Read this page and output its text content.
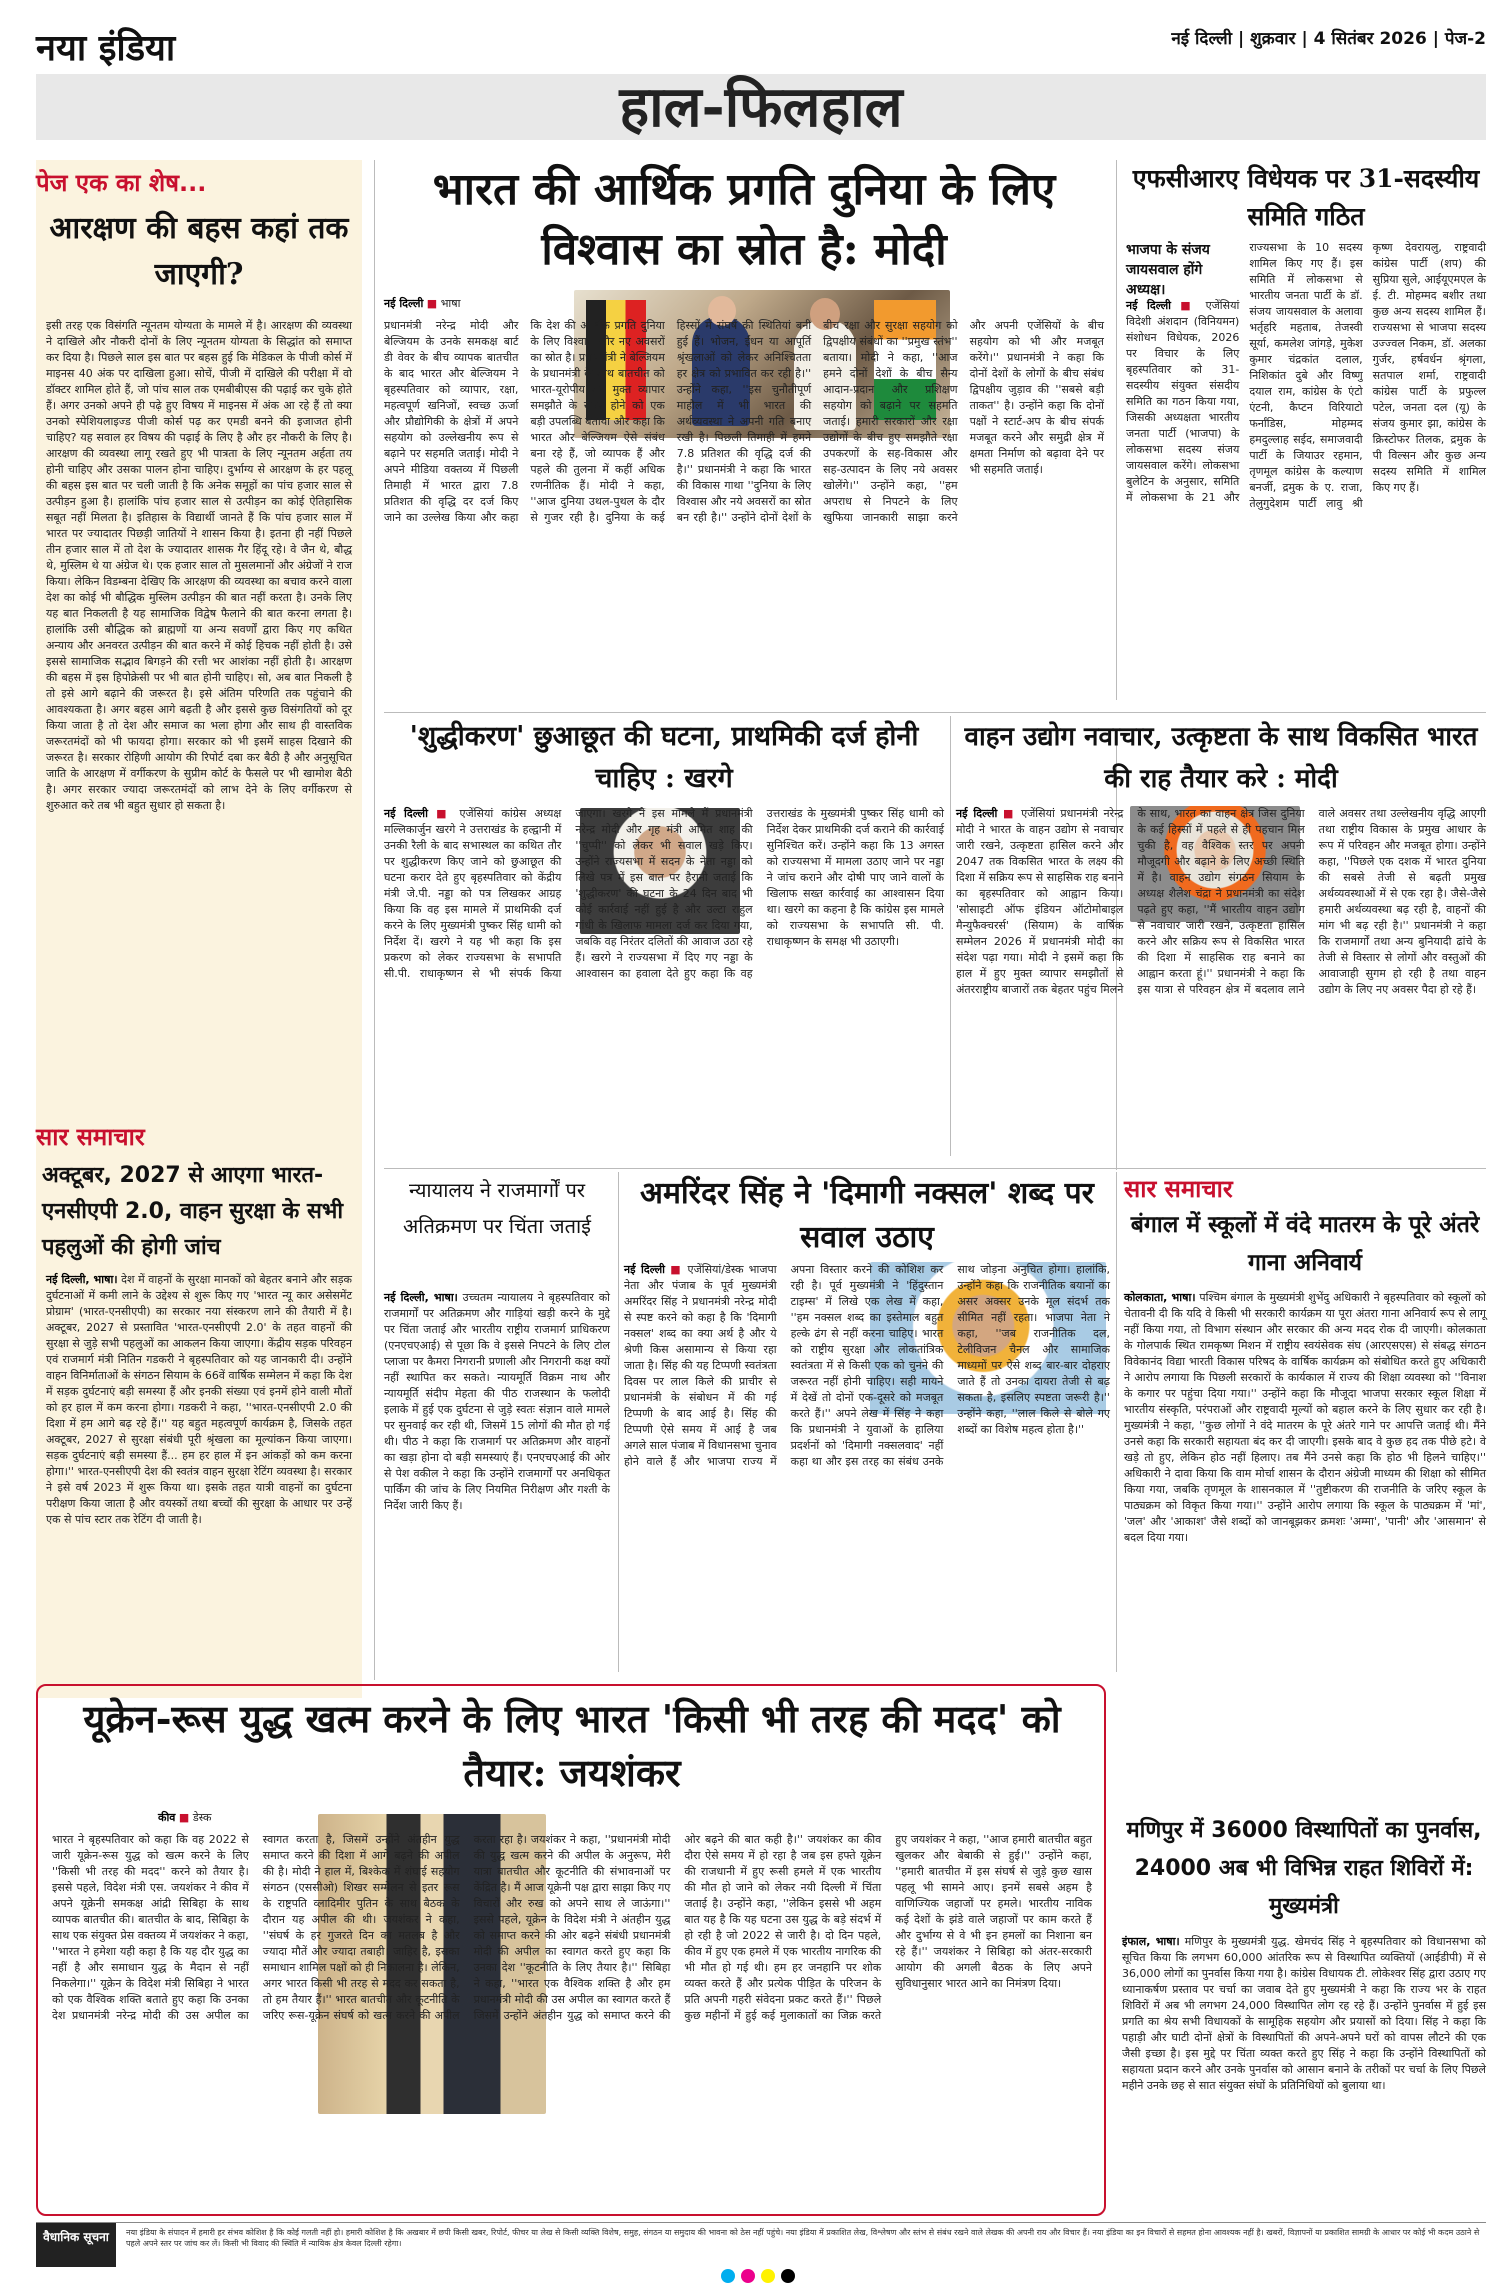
नया इंडिया	नई दिल्ली | शुक्रवार | 4 सितंबर 2026 | पेज-2
हाल-फिलहाल
पेज एक का शेष...
आरक्षण की बहस कहां तक जाएगी?
इसी तरह एक विसंगति न्यूनतम योग्यता के मामले में है। आरक्षण की व्यवस्था ने दाखिले और नौकरी दोनों के लिए न्यूनतम योग्यता के सिद्धांत को समाप्त कर दिया है। पिछले साल इस बात पर बहस हुई कि मेडिकल के पीजी कोर्स में माइनस 40 अंक पर दाखिला हुआ। सोचें, पीजी में दाखिले की परीक्षा में वो डॉक्टर शामिल होते हैं, जो पांच साल तक एमबीबीएस की पढ़ाई कर चुके होते हैं। अगर उनको अपने ही पढ़े हुए विषय में माइनस में अंक आ रहे हैं तो क्या उनको स्पेशियलाइज्ड पीजी कोर्स पढ़ कर एमडी बनने की इजाजत होनी चाहिए? यह सवाल हर विषय की पढ़ाई के लिए है और हर नौकरी के लिए है। आरक्षण की व्यवस्था लागू रखते हुए भी पात्रता के लिए न्यूनतम अर्हता तय होनी चाहिए और उसका पालन होना चाहिए। दुर्भाग्य से आरक्षण के हर पहलू की बहस इस बात पर चली जाती है कि अनेक समूहों का पांच हजार साल से उत्पीड़न हुआ है। हालांकि पांच हजार साल से उत्पीड़न का कोई ऐतिहासिक सबूत नहीं मिलता है। इतिहास के विद्यार्थी जानते हैं कि पांच हजार साल में भारत पर ज्यादातर पिछड़ी जातियों ने शासन किया है। इतना ही नहीं पिछले तीन हजार साल में तो देश के ज्यादातर शासक गैर हिंदू रहे। वे जैन थे, बौद्ध थे, मुस्लिम थे या अंग्रेज थे। एक हजार साल तो मुसलमानों और अंग्रेजों ने राज किया। लेकिन विडम्बना देखिए कि आरक्षण की व्यवस्था का बचाव करने वाला देश का कोई भी बौद्धिक मुस्लिम उत्पीड़न की बात नहीं करता है। उनके लिए यह बात निकलती है यह सामाजिक विद्वेष फैलाने की बात करना लगता है। हालांकि उसी बौद्धिक को ब्राह्मणों या अन्य सवर्णों द्वारा किए गए कथित अन्याय और अनवरत उत्पीड़न की बात करने में कोई हिचक नहीं होती है। उसे इससे सामाजिक सद्भाव बिगड़ने की रत्ती भर आशंका नहीं होती है। आरक्षण की बहस में इस हिपोक्रेसी पर भी बात होनी चाहिए। सो, अब बात निकली है तो इसे आगे बढ़ाने की जरूरत है। इसे अंतिम परिणति तक पहुंचाने की आवश्यकता है। अगर बहस आगे बढ़ती है और इससे कुछ विसंगतियों को दूर किया जाता है तो देश और समाज का भला होगा और साथ ही वास्तविक जरूरतमंदों को भी फायदा होगा। सरकार को भी इसमें साहस दिखाने की जरूरत है। सरकार रोहिणी आयोग की रिपोर्ट दबा कर बैठी है और अनुसूचित जाति के आरक्षण में वर्गीकरण के सुप्रीम कोर्ट के फैसले पर भी खामोश बैठी है। अगर सरकार ज्यादा जरूरतमंदों को लाभ देने के लिए वर्गीकरण से शुरुआत करे तब भी बहुत सुधार हो सकता है।
सार समाचार
अक्टूबर, 2027 से आएगा भारत-एनसीएपी 2.0, वाहन सुरक्षा के सभी पहलुओं की होगी जांच
नई दिल्ली, भाषा। देश में वाहनों के सुरक्षा मानकों को बेहतर बनाने और सड़क दुर्घटनाओं में कमी लाने के उद्देश्य से शुरू किए गए 'भारत न्यू कार असेसमेंट प्रोग्राम' (भारत-एनसीएपी) का सरकार नया संस्करण लाने की तैयारी में है। अक्टूबर, 2027 से प्रस्तावित 'भारत-एनसीएपी 2.0' के तहत वाहनों की सुरक्षा से जुड़े सभी पहलुओं का आकलन किया जाएगा। केंद्रीय सड़क परिवहन एवं राजमार्ग मंत्री नितिन गडकरी ने बृहस्पतिवार को यह जानकारी दी। उन्होंने वाहन विनिर्माताओं के संगठन सियाम के 66वें वार्षिक सम्मेलन में कहा कि देश में सड़क दुर्घटनाएं बड़ी समस्या हैं और इनकी संख्या एवं इनमें होने वाली मौतों को हर हाल में कम करना होगा। गडकरी ने कहा, ''भारत-एनसीएपी 2.0 की दिशा में हम आगे बढ़ रहे हैं।'' यह बहुत महत्वपूर्ण कार्यक्रम है, जिसके तहत अक्टूबर, 2027 से सुरक्षा संबंधी पूरी श्रृंखला का मूल्यांकन किया जाएगा। सड़क दुर्घटनाएं बड़ी समस्या हैं... हम हर हाल में इन आंकड़ों को कम करना होगा।'' भारत-एनसीएपी देश की स्वतंत्र वाहन सुरक्षा रेटिंग व्यवस्था है। सरकार ने इसे वर्ष 2023 में शुरू किया था। इसके तहत यात्री वाहनों का दुर्घटना परीक्षण किया जाता है और वयस्कों तथा बच्चों की सुरक्षा के आधार पर उन्हें एक से पांच स्टार तक रेटिंग दी जाती है।
भारत की आर्थिक प्रगति दुनिया के लिए विश्वास का स्रोत है: मोदी
नई दिल्ली ■ भाषा
प्रधानमंत्री नरेन्द्र मोदी और बेल्जियम के उनके समकक्ष बार्ट डी वेवर के बीच व्यापक बातचीत के बाद भारत और बेल्जियम ने बृहस्पतिवार को व्यापार, रक्षा, महत्वपूर्ण खनिजों, स्वच्छ ऊर्जा और प्रौद्योगिकी के क्षेत्रों में अपने सहयोग को उल्लेखनीय रूप से बढ़ाने पर सहमति जताई। मोदी ने अपने मीडिया वक्तव्य में पिछली तिमाही में भारत द्वारा 7.8 प्रतिशत की वृद्धि दर दर्ज किए जाने का उल्लेख किया और कहा कि देश की आर्थिक प्रगति दुनिया के लिए विश्वास और नए अवसरों का स्रोत है। प्रधानमंत्री ने बेल्जियम के प्रधानमंत्री के साथ बातचीत को भारत-यूरोपीय संघ मुक्त व्यापार समझौते के संपन्न होने को एक बड़ी उपलब्धि बताया और कहा कि भारत और बेल्जियम ऐसे संबंध बना रहे हैं, जो व्यापक हैं और पहले की तुलना में कहीं अधिक रणनीतिक हैं। मोदी ने कहा, ''आज दुनिया उथल-पुथल के दौर से गुजर रही है। दुनिया के कई हिस्सों में संघर्ष की स्थितियां बनी हुई हैं। भोजन, ईंधन या आपूर्ति श्रृंखलाओं को लेकर अनिश्चितता हर क्षेत्र को प्रभावित कर रही है।'' उन्होंने कहा, ''इस चुनौतीपूर्ण माहौल में भी भारत की अर्थव्यवस्था ने अपनी गति बनाए रखी है। पिछली तिमाही में हमने 7.8 प्रतिशत की वृद्धि दर्ज की है।'' प्रधानमंत्री ने कहा कि भारत की विकास गाथा ''दुनिया के लिए विश्वास और नये अवसरों का स्रोत बन रही है।'' उन्होंने दोनों देशों के बीच रक्षा और सुरक्षा सहयोग को द्विपक्षीय संबंधों का ''प्रमुख स्तंभ'' बताया। मोदी ने कहा, ''आज हमने दोनों देशों के बीच सैन्य आदान-प्रदान और प्रशिक्षण सहयोग को बढ़ाने पर सहमति जताई। हमारी सरकारों और रक्षा उद्योगों के बीच हुए समझौते रक्षा उपकरणों के सह-विकास और सह-उत्पादन के लिए नये अवसर खोलेंगे।'' उन्होंने कहा, ''हम अपराध से निपटने के लिए खुफिया जानकारी साझा करने और अपनी एजेंसियों के बीच सहयोग को भी और मजबूत करेंगे।'' प्रधानमंत्री ने कहा कि दोनों देशों के लोगों के बीच संबंध द्विपक्षीय जुड़ाव की ''सबसे बड़ी ताकत'' है। उन्होंने कहा कि दोनों पक्षों ने स्टार्ट-अप के बीच संपर्क मजबूत करने और समुद्री क्षेत्र में क्षमता निर्माण को बढ़ावा देने पर भी सहमति जताई।
एफसीआरए विधेयक पर 31-सदस्यीय समिति गठित
भाजपा के संजय जायसवाल होंगे अध्यक्ष।
नई दिल्ली ■ एजेंसियां विदेशी अंशदान (विनियमन) संशोधन विधेयक, 2026 पर विचार के लिए बृहस्पतिवार को 31-सदस्यीय संयुक्त संसदीय समिति का गठन किया गया, जिसकी अध्यक्षता भारतीय जनता पार्टी (भाजपा) के लोकसभा सदस्य संजय जायसवाल करेंगे। लोकसभा बुलेटिन के अनुसार, समिति में लोकसभा के 21 और राज्यसभा के 10 सदस्य शामिल किए गए हैं। इस समिति में लोकसभा से भारतीय जनता पार्टी के डॉ. संजय जायसवाल के अलावा भर्तृहरि महताब, तेजस्वी सूर्या, कमलेश जांगड़े, मुकेश कुमार चंद्रकांत दलाल, निशिकांत दुबे और विष्णु दयाल राम, कांग्रेस के एंटो एंटनी, कैप्टन विरियाटो फर्नांडिस, मोहम्मद हमदुल्लाह सईद, समाजवादी पार्टी के जियाउर रहमान, तृणमूल कांग्रेस के कल्याण बनर्जी, द्रमुक के ए. राजा, तेलुगुदेशम पार्टी लावु श्री कृष्ण देवरायलु, राष्ट्रवादी कांग्रेस पार्टी (शप) की सुप्रिया सुले, आईयूएमएल के ई. टी. मोहम्मद बशीर तथा कुछ अन्य सदस्य शामिल हैं। राज्यसभा से भाजपा सदस्य उज्ज्वल निकम, डॉ. अलका गुर्जर, हर्षवर्धन श्रृंगला, सतपाल शर्मा, राष्ट्रवादी कांग्रेस पार्टी के प्रफुल्ल पटेल, जनता दल (यू) के संजय कुमार झा, कांग्रेस के क्रिस्टोफर तिलक, द्रमुक के पी विल्सन और कुछ अन्य सदस्य समिति में शामिल किए गए हैं।
'शुद्धीकरण' छुआछूत की घटना, प्राथमिकी दर्ज होनी चाहिए : खरगे
नई दिल्ली ■ एजेंसियां कांग्रेस अध्यक्ष मल्लिकार्जुन खरगे ने उत्तराखंड के हल्द्वानी में उनकी रैली के बाद सभास्थल का कथित तौर पर शुद्धीकरण किए जाने को छुआछूत की घटना करार देते हुए बृहस्पतिवार को केंद्रीय मंत्री जे.पी. नड्डा को पत्र लिखकर आग्रह किया कि वह इस मामले में प्राथमिकी दर्ज करने के लिए मुख्यमंत्री पुष्कर सिंह धामी को निर्देश दें। खरगे ने यह भी कहा कि इस प्रकरण को लेकर राज्यसभा के सभापति सी.पी. राधाकृष्णन से भी संपर्क किया जाएगा। खरगे ने इस मामले में प्रधानमंत्री नरेन्द्र मोदी और गृह मंत्री अमित शाह की ''चुप्पी'' को लेकर भी सवाल खड़े किए। उन्होंने राज्यसभा में सदन के नेता नड्डा को लिखे पत्र में इस बात पर हैरानी जताई कि 'शुद्धीकरण' की घटना के 24 दिन बाद भी कोई कार्रवाई नहीं हुई है और उल्टा राहुल गांधी के खिलाफ मामला दर्ज कर दिया गया, जबकि वह निरंतर दलितों की आवाज उठा रहे हैं। खरगे ने राज्यसभा में दिए गए नड्डा के आश्वासन का हवाला देते हुए कहा कि वह उत्तराखंड के मुख्यमंत्री पुष्कर सिंह धामी को निर्देश देकर प्राथमिकी दर्ज कराने की कार्रवाई सुनिश्चित करें। उन्होंने कहा कि 13 अगस्त को राज्यसभा में मामला उठाए जाने पर नड्डा ने जांच कराने और दोषी पाए जाने वालों के खिलाफ सख्त कार्रवाई का आश्वासन दिया था। खरगे का कहना है कि कांग्रेस इस मामले को राज्यसभा के सभापति सी. पी. राधाकृष्णन के समक्ष भी उठाएगी।
वाहन उद्योग नवाचार, उत्कृष्टता के साथ विकसित भारत की राह तैयार करे : मोदी
नई दिल्ली ■ एजेंसियां प्रधानमंत्री नरेन्द्र मोदी ने भारत के वाहन उद्योग से नवाचार जारी रखने, उत्कृष्टता हासिल करने और 2047 तक विकसित भारत के लक्ष्य की दिशा में सक्रिय रूप से साहसिक राह बनाने का बृहस्पतिवार को आह्वान किया। 'सोसाइटी ऑफ इंडियन ऑटोमोबाइल मैन्युफैक्चरर्स' (सियाम) के वार्षिक सम्मेलन 2026 में प्रधानमंत्री मोदी का संदेश पढ़ा गया। मोदी ने इसमें कहा कि हाल में हुए मुक्त व्यापार समझौतों से अंतरराष्ट्रीय बाजारों तक बेहतर पहुंच मिलने के साथ, भारत का वाहन क्षेत्र जिस दुनिया के कई हिस्सों में पहले से ही पहचान मिल चुकी है, वह वैश्विक स्तर पर अपनी मौजूदगी और बढ़ाने के लिए अच्छी स्थिति में है। वाहन उद्योग संगठन सियाम के अध्यक्ष शैलेश चंद्रा ने प्रधानमंत्री का संदेश पढ़ते हुए कहा, ''मैं भारतीय वाहन उद्योग से नवाचार जारी रखने, उत्कृष्टता हासिल करने और सक्रिय रूप से विकसित भारत की दिशा में साहसिक राह बनाने का आह्वान करता हूं।'' प्रधानमंत्री ने कहा कि इस यात्रा से परिवहन क्षेत्र में बदलाव लाने वाले अवसर तथा उल्लेखनीय वृद्धि आएगी तथा राष्ट्रीय विकास के प्रमुख आधार के रूप में परिवहन और मजबूत होगा। उन्होंने कहा, ''पिछले एक दशक में भारत दुनिया की सबसे तेजी से बढ़ती प्रमुख अर्थव्यवस्थाओं में से एक रहा है। जैसे-जैसे हमारी अर्थव्यवस्था बढ़ रही है, वाहनों की मांग भी बढ़ रही है।'' प्रधानमंत्री ने कहा कि राजमार्गों तथा अन्य बुनियादी ढांचे के तेजी से विस्तार से लोगों और वस्तुओं की आवाजाही सुगम हो रही है तथा वाहन उद्योग के लिए नए अवसर पैदा हो रहे हैं।
न्यायालय ने राजमार्गों पर अतिक्रमण पर चिंता जताई
नई दिल्ली, भाषा। उच्चतम न्यायालय ने बृहस्पतिवार को राजमार्गों पर अतिक्रमण और गाड़ियां खड़ी करने के मुद्दे पर चिंता जताई और भारतीय राष्ट्रीय राजमार्ग प्राधिकरण (एनएचएआई) से पूछा कि वे इससे निपटने के लिए टोल प्लाजा पर कैमरा निगरानी प्रणाली और निगरानी कक्ष क्यों नहीं स्थापित कर सकते। न्यायमूर्ति विक्रम नाथ और न्यायमूर्ति संदीप मेहता की पीठ राजस्थान के फलोदी इलाके में हुई एक दुर्घटना से जुड़े स्वतः संज्ञान वाले मामले पर सुनवाई कर रही थी, जिसमें 15 लोगों की मौत हो गई थी। पीठ ने कहा कि राजमार्ग पर अतिक्रमण और वाहनों का खड़ा होना दो बड़ी समस्याएं हैं। एनएचएआई की ओर से पेश वकील ने कहा कि उन्होंने राजमार्गों पर अनधिकृत पार्किंग की जांच के लिए नियमित निरीक्षण और गश्ती के निर्देश जारी किए हैं।
अमरिंदर सिंह ने 'दिमागी नक्सल' शब्द पर सवाल उठाए
नई दिल्ली ■ एजेंसियां/डेस्क भाजपा नेता और पंजाब के पूर्व मुख्यमंत्री अमरिंदर सिंह ने प्रधानमंत्री नरेन्द्र मोदी से स्पष्ट करने को कहा है कि 'दिमागी नक्सल' शब्द का क्या अर्थ है और ये श्रेणी किस असामान्य से किया रहा जाता है। सिंह की यह टिप्पणी स्वतंत्रता दिवस पर लाल किले की प्राचीर से प्रधानमंत्री के संबोधन में की गई टिप्पणी के बाद आई है। सिंह की टिप्पणी ऐसे समय में आई है जब अगले साल पंजाब में विधानसभा चुनाव होने वाले हैं और भाजपा राज्य में अपना विस्तार करने की कोशिश कर रही है। पूर्व मुख्यमंत्री ने 'हिंदुस्तान टाइम्स' में लिखे एक लेख में कहा, ''हम नक्सल शब्द का इस्तेमाल बहुत हल्के ढंग से नहीं करना चाहिए। भारत को राष्ट्रीय सुरक्षा और लोकतांत्रिक स्वतंत्रता में से किसी एक को चुनने की जरूरत नहीं होनी चाहिए। सही मायने में देखें तो दोनों एक-दूसरे को मजबूत करते हैं।'' अपने लेख में सिंह ने कहा कि प्रधानमंत्री ने युवाओं के हालिया प्रदर्शनों को 'दिमागी नक्सलवाद' नहीं कहा था और इस तरह का संबंध उनके साथ जोड़ना अनुचित होगा। हालांकि, उन्होंने कहा कि राजनीतिक बयानों का असर अक्सर उनके मूल संदर्भ तक सीमित नहीं रहता। भाजपा नेता ने कहा, ''जब राजनीतिक दल, टेलीविजन चैनल और सामाजिक माध्यमों पर ऐसे शब्द बार-बार दोहराए जाते हैं तो उनका दायरा तेजी से बढ़ सकता है, इसलिए स्पष्टता जरूरी है।'' उन्होंने कहा, ''लाल किले से बोले गए शब्दों का विशेष महत्व होता है।''
सार समाचार
बंगाल में स्कूलों में वंदे मातरम के पूरे अंतरे गाना अनिवार्य
कोलकाता, भाषा। पश्चिम बंगाल के मुख्यमंत्री शुभेंदु अधिकारी ने बृहस्पतिवार को स्कूलों को चेतावनी दी कि यदि वे किसी भी सरकारी कार्यक्रम या पूरा अंतरा गाना अनिवार्य रूप से लागू नहीं किया गया, तो विभाग संस्थान और सरकार की अन्य मदद रोक दी जाएगी। कोलकाता के गोलपार्क स्थित रामकृष्ण मिशन में राष्ट्रीय स्वयंसेवक संघ (आरएसएस) से संबद्ध संगठन विवेकानंद विद्या भारती विकास परिषद के वार्षिक कार्यक्रम को संबोधित करते हुए अधिकारी ने आरोप लगाया कि पिछली सरकारों के कार्यकाल में राज्य की शिक्षा व्यवस्था को ''विनाश के कगार पर पहुंचा दिया गया।'' उन्होंने कहा कि मौजूदा भाजपा सरकार स्कूल शिक्षा में भारतीय संस्कृति, परंपराओं और राष्ट्रवादी मूल्यों को बहाल करने के लिए सुधार कर रही है। मुख्यमंत्री ने कहा, ''कुछ लोगों ने वंदे मातरम के पूरे अंतरे गाने पर आपत्ति जताई थी। मैंने उनसे कहा कि सरकारी सहायता बंद कर दी जाएगी। इसके बाद वे कुछ हद तक पीछे हटे। वे खड़े तो हुए, लेकिन होठ नहीं हिलाए। तब मैंने उनसे कहा कि होठ भी हिलने चाहिए।'' अधिकारी ने दावा किया कि वाम मोर्चा शासन के दौरान अंग्रेजी माध्यम की शिक्षा को सीमित किया गया, जबकि तृणमूल के शासनकाल में ''तुष्टीकरण की राजनीति के जरिए स्कूल के पाठ्यक्रम को विकृत किया गया।'' उन्होंने आरोप लगाया कि स्कूल के पाठ्यक्रम में 'मां', 'जल' और 'आकाश' जैसे शब्दों को जानबूझकर क्रमशः 'अम्मा', 'पानी' और 'आसमान' से बदल दिया गया।
यूक्रेन-रूस युद्ध खत्म करने के लिए भारत 'किसी भी तरह की मदद' को तैयार: जयशंकर
कीव ■ डेस्क
भारत ने बृहस्पतिवार को कहा कि वह 2022 से जारी यूक्रेन-रूस युद्ध को खत्म करने के लिए ''किसी भी तरह की मदद'' करने को तैयार है। इससे पहले, विदेश मंत्री एस. जयशंकर ने कीव में अपने यूक्रेनी समकक्ष आंद्री सिबिहा के साथ व्यापक बातचीत की। बातचीत के बाद, सिबिहा के साथ एक संयुक्त प्रेस वक्तव्य में जयशंकर ने कहा, ''भारत ने हमेशा यही कहा है कि यह दौर युद्ध का नहीं है और समाधान युद्ध के मैदान से नहीं निकलेगा।'' यूक्रेन के विदेश मंत्री सिबिहा ने भारत को एक वैश्विक शक्ति बताते हुए कहा कि उनका देश प्रधानमंत्री नरेन्द्र मोदी की उस अपील का स्वागत करता है, जिसमें उन्होंने अंतहीन युद्ध समाप्त करने की दिशा में आगे बढ़ने की अपील की है। मोदी ने हाल में, बिश्केक में शंघाई सहयोग संगठन (एससीओ) शिखर सम्मेलन से इतर रूस के राष्ट्रपति व्लादिमीर पुतिन के साथ बैठक के दौरान यह अपील की थी। जयशंकर ने कहा, ''संघर्ष के हर गुजरते दिन का मतलब है और ज्यादा मौतें और ज्यादा तबाही। जाहिर है, इसका समाधान शामिल पक्षों को ही निकालना है। लेकिन, अगर भारत किसी भी तरह से मदद कर सकता है, तो हम तैयार हैं।'' भारत बातचीत और कूटनीति के जरिए रूस-यूक्रेन संघर्ष को खत्म करने की अपील करता रहा है। जयशंकर ने कहा, ''प्रधानमंत्री मोदी की युद्ध खत्म करने की अपील के अनुरूप, मेरी यात्रा बातचीत और कूटनीति की संभावनाओं पर केंद्रित है। मैं आज यूक्रेनी पक्ष द्वारा साझा किए गए विचारों और रुख को अपने साथ ले जाऊंगा।'' इससे पहले, यूक्रेन के विदेश मंत्री ने अंतहीन युद्ध को समाप्त करने की ओर बढ़ने संबंधी प्रधानमंत्री मोदी की अपील का स्वागत करते हुए कहा कि उनका देश ''कूटनीति के लिए तैयार है।'' सिबिहा ने कहा, ''भारत एक वैश्विक शक्ति है और हम प्रधानमंत्री मोदी की उस अपील का स्वागत करते हैं जिसमें उन्होंने अंतहीन युद्ध को समाप्त करने की ओर बढ़ने की बात कही है।'' जयशंकर का कीव दौरा ऐसे समय में हो रहा है जब इस हफ्ते यूक्रेन की राजधानी में हुए रूसी हमले में एक भारतीय की मौत हो जाने को लेकर नयी दिल्ली में चिंता जताई है। उन्होंने कहा, ''लेकिन इससे भी अहम बात यह है कि यह घटना उस युद्ध के बड़े संदर्भ में हो रही है जो 2022 से जारी है। दो दिन पहले, कीव में हुए एक हमले में एक भारतीय नागरिक की भी मौत हो गई थी। हम हर जनहानि पर शोक व्यक्त करते हैं और प्रत्येक पीड़ित के परिजन के प्रति अपनी गहरी संवेदना प्रकट करते हैं।'' पिछले कुछ महीनों में हुई कई मुलाकातों का जिक्र करते हुए जयशंकर ने कहा, ''आज हमारी बातचीत बहुत खुलकर और बेबाकी से हुई।'' उन्होंने कहा, ''हमारी बातचीत में इस संघर्ष से जुड़े कुछ खास पहलू भी सामने आए। इनमें सबसे अहम है वाणिज्यिक जहाजों पर हमले। भारतीय नाविक कई देशों के झंडे वाले जहाजों पर काम करते हैं और दुर्भाग्य से वे भी इन हमलों का निशाना बन रहे हैं।'' जयशंकर ने सिबिहा को अंतर-सरकारी आयोग की अगली बैठक के लिए अपने सुविधानुसार भारत आने का निमंत्रण दिया।
मणिपुर में 36000 विस्थापितों का पुनर्वास, 24000 अब भी विभिन्न राहत शिविरों में: मुख्यमंत्री
इंफाल, भाषा। मणिपुर के मुख्यमंत्री युद्ध. खेमचंद सिंह ने बृहस्पतिवार को विधानसभा को सूचित किया कि लगभग 60,000 आंतरिक रूप से विस्थापित व्यक्तियों (आईडीपी) में से 36,000 लोगों का पुनर्वास किया गया है। कांग्रेस विधायक टी. लोकेश्वर सिंह द्वारा उठाए गए ध्यानाकर्षण प्रस्ताव पर चर्चा का जवाब देते हुए मुख्यमंत्री ने कहा कि राज्य भर के राहत शिविरों में अब भी लगभग 24,000 विस्थापित लोग रह रहे हैं। उन्होंने पुनर्वास में हुई इस प्रगति का श्रेय सभी विधायकों के सामूहिक सहयोग और प्रयासों को दिया। सिंह ने कहा कि पहाड़ी और घाटी दोनों क्षेत्रों के विस्थापितों की अपने-अपने घरों को वापस लौटने की एक जैसी इच्छा है। इस मुद्दे पर चिंता व्यक्त करते हुए सिंह ने कहा कि उन्होंने विस्थापितों को सहायता प्रदान करने और उनके पुनर्वास को आसान बनाने के तरीकों पर चर्चा के लिए पिछले महीने उनके छह से सात संयुक्त संघों के प्रतिनिधियों को बुलाया था।
वैधानिक सूचना	नया इंडिया के संपादन में हमारी हर संभव कोशिश है कि कोई गलती नहीं हो। हमारी कोशिश है कि अखबार में छपी किसी खबर, रिपोर्ट, फीचर या लेख से किसी व्यक्ति विशेष, समुह, संगठन या समुदाय की भावना को ठेस नहीं पहुंचे। नया इंडिया में प्रकाशित लेख, विश्लेषण और स्तंभ से संबंध रखने वाले लेखक की अपनी राय और विचार हैं। नया इंडिया का इन विचारों से सहमत होना आवश्यक नहीं है। खबरों, विज्ञापनों या प्रकाशित सामग्री के आधार पर कोई भी कदम उठाने से पहले अपने स्तर पर जांच कर लें। किसी भी विवाद की स्थिति में न्यायिक क्षेत्र केवल दिल्ली रहेगा।
